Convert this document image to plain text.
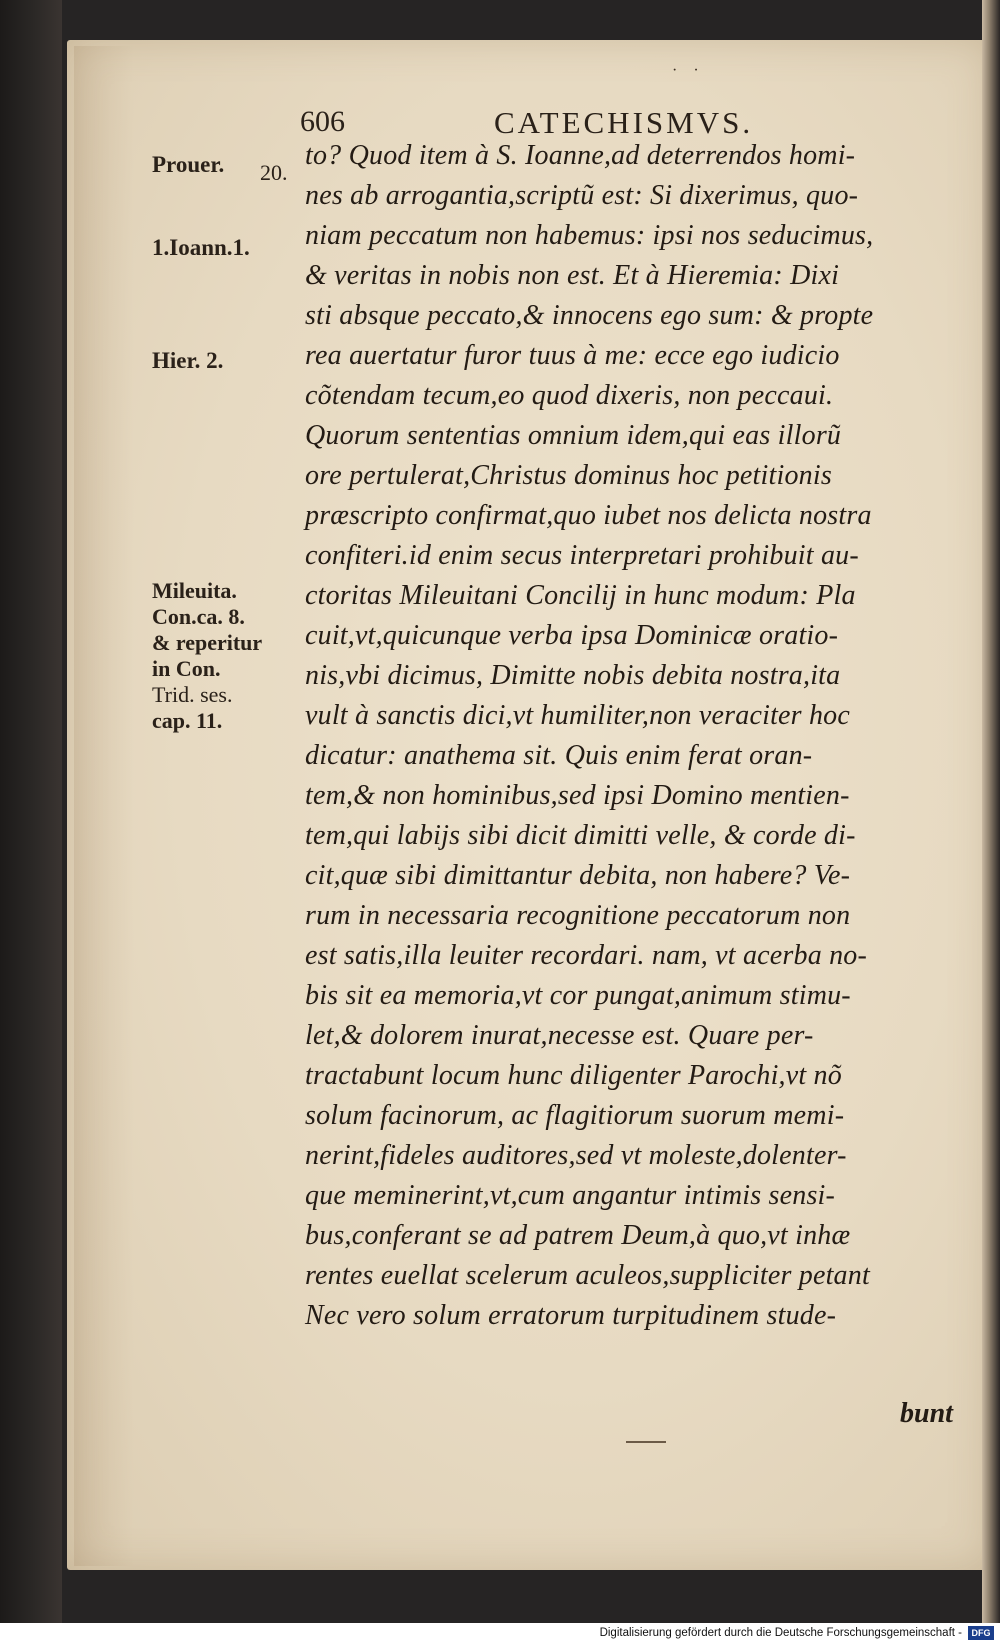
· ·
606	CATECHISMVS.
Prouer. 20.
1.Ioann.1.
Hier. 2.
Mileuita.
Con.ca. 8.
& reperitur
in Con.
Trid. ses.
cap. 11.
to? Quod item à S. Ioanne,ad deterrendos homi-
nes ab arrogantia,scriptũ est: Si dixerimus, quo-
niam peccatum non habemus: ipsi nos seducimus,
& veritas in nobis non est. Et à Hieremia: Dixi
sti absque peccato,& innocens ego sum: & propte
rea auertatur furor tuus à me: ecce ego iudicio
cõtendam tecum,eo quod dixeris, non peccaui.
Quorum sententias omnium idem,qui eas illorũ
ore pertulerat,Christus dominus hoc petitionis
præscripto confirmat,quo iubet nos delicta nostra
confiteri.id enim secus interpretari prohibuit au-
ctoritas Mileuitani Concilij in hunc modum: Pla
cuit,vt,quicunque verba ipsa Dominicæ oratio-
nis,vbi dicimus, Dimitte nobis debita nostra,ita
vult à sanctis dici,vt humiliter,non veraciter hoc
dicatur: anathema sit. Quis enim ferat oran-
tem,& non hominibus,sed ipsi Domino mentien-
tem,qui labijs sibi dicit dimitti velle, & corde di-
cit,quæ sibi dimittantur debita, non habere? Ve-
rum in necessaria recognitione peccatorum non
est satis,illa leuiter recordari. nam, vt acerba no-
bis sit ea memoria,vt cor pungat,animum stimu-
let,& dolorem inurat,necesse est. Quare per-
tractabunt locum hunc diligenter Parochi,vt nõ
solum facinorum, ac flagitiorum suorum memi-
nerint,fideles auditores,sed vt moleste,dolenter-
que meminerint,vt,cum angantur intimis sensi-
bus,conferant se ad patrem Deum,à quo,vt inhæ
rentes euellat scelerum aculeos,suppliciter petant
Nec vero solum erratorum turpitudinem stude-
bunt
Digitalisierung gefördert durch die Deutsche Forschungsgemeinschaft -	DFG
